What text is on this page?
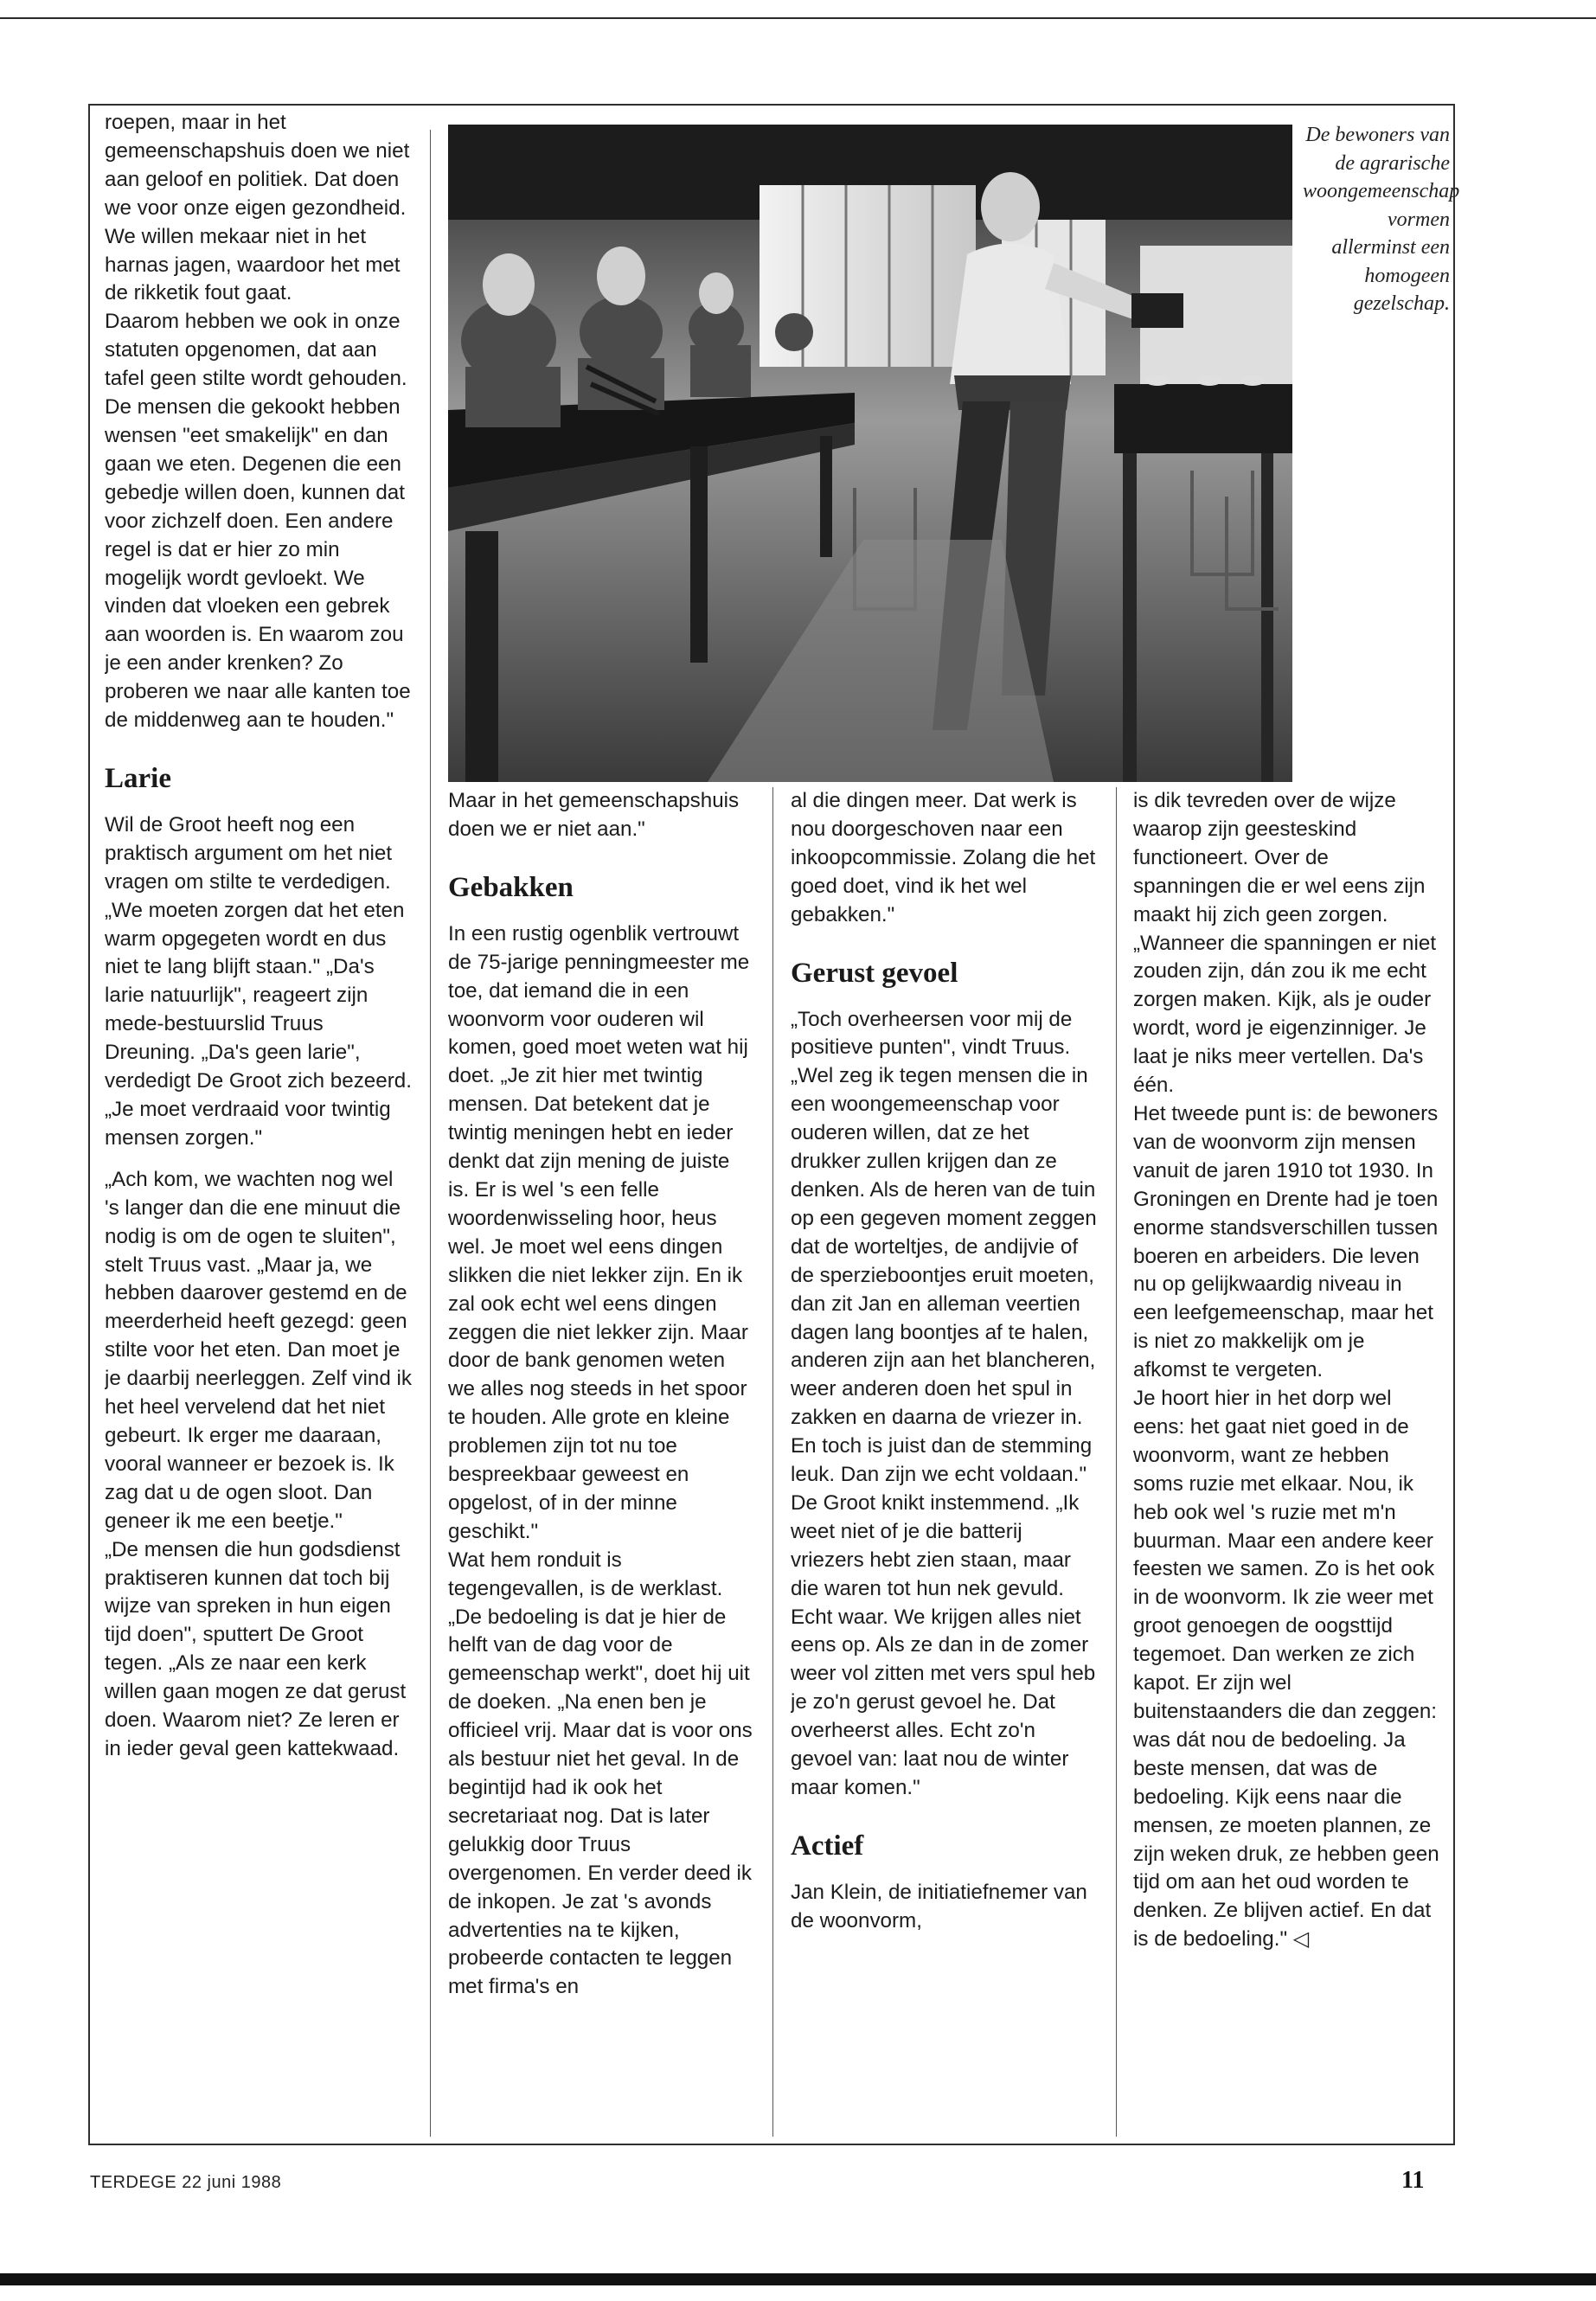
roepen, maar in het gemeenschapshuis doen we niet aan geloof en politiek. Dat doen we voor onze eigen gezondheid. We willen mekaar niet in het harnas jagen, waardoor het met de rikketik fout gaat.

Daarom hebben we ook in onze statuten opgenomen, dat aan tafel geen stilte wordt gehouden. De mensen die gekookt hebben wensen "eet smakelijk" en dan gaan we eten. Degenen die een gebedje willen doen, kunnen dat voor zichzelf doen. Een andere regel is dat er hier zo min mogelijk wordt gevloekt. We vinden dat vloeken een gebrek aan woorden is. En waarom zou je een ander krenken? Zo proberen we naar alle kanten toe de middenweg aan te houden."

Larie

Wil de Groot heeft nog een praktisch argument om het niet vragen om stilte te verdedigen. „We moeten zorgen dat het eten warm opgegeten wordt en dus niet te lang blijft staan." „Da's larie natuurlijk", reageert zijn mede-bestuurslid Truus Dreuning. „Da's geen larie", verdedigt De Groot zich bezeerd. „Je moet verdraaid voor twintig mensen zorgen."

„Ach kom, we wachten nog wel 's langer dan die ene minuut die nodig is om de ogen te sluiten", stelt Truus vast. „Maar ja, we hebben daarover gestemd en de meerderheid heeft gezegd: geen stilte voor het eten. Dan moet je je daarbij neerleggen. Zelf vind ik het heel vervelend dat het niet gebeurt. Ik erger me daaraan, vooral wanneer er bezoek is. Ik zag dat u de ogen sloot. Dan geneer ik me een beetje."

„De mensen die hun godsdienst praktiseren kunnen dat toch bij wijze van spreken in hun eigen tijd doen", sputtert De Groot tegen. „Als ze naar een kerk willen gaan mogen ze dat gerust doen. Waarom niet? Ze leren er in ieder geval geen kattekwaad.

De bewoners van de agrarische woongemeenschap vormen allerminst een homogeen gezelschap.

Maar in het gemeenschapshuis doen we er niet aan."

Gebakken

In een rustig ogenblik vertrouwt de 75-jarige penningmeester me toe, dat iemand die in een woonvorm voor ouderen wil komen, goed moet weten wat hij doet. „Je zit hier met twintig mensen. Dat betekent dat je twintig meningen hebt en ieder denkt dat zijn mening de juiste is. Er is wel 's een felle woordenwisseling hoor, heus wel. Je moet wel eens dingen slikken die niet lekker zijn. En ik zal ook echt wel eens dingen zeggen die niet lekker zijn. Maar door de bank genomen weten we alles nog steeds in het spoor te houden. Alle grote en kleine problemen zijn tot nu toe bespreekbaar geweest en opgelost, of in der minne geschikt."

Wat hem ronduit is tegengevallen, is de werklast. „De bedoeling is dat je hier de helft van de dag voor de gemeenschap werkt", doet hij uit de doeken. „Na enen ben je officieel vrij. Maar dat is voor ons als bestuur niet het geval. In de begintijd had ik ook het secretariaat nog. Dat is later gelukkig door Truus overgenomen. En verder deed ik de inkopen. Je zat 's avonds advertenties na te kijken, probeerde contacten te leggen met firma's en

al die dingen meer. Dat werk is nou doorgeschoven naar een inkoopcommissie. Zolang die het goed doet, vind ik het wel gebakken."

Gerust gevoel

„Toch overheersen voor mij de positieve punten", vindt Truus. „Wel zeg ik tegen mensen die in een woongemeenschap voor ouderen willen, dat ze het drukker zullen krijgen dan ze denken. Als de heren van de tuin op een gegeven moment zeggen dat de worteltjes, de andijvie of de sperzieboontjes eruit moeten, dan zit Jan en alleman veertien dagen lang boontjes af te halen, anderen zijn aan het blancheren, weer anderen doen het spul in zakken en daarna de vriezer in. En toch is juist dan de stemming leuk. Dan zijn we echt voldaan."

De Groot knikt instemmend. „Ik weet niet of je die batterij vriezers hebt zien staan, maar die waren tot hun nek gevuld. Echt waar. We krijgen alles niet eens op. Als ze dan in de zomer weer vol zitten met vers spul heb je zo'n gerust gevoel he. Dat overheerst alles. Echt zo'n gevoel van: laat nou de winter maar komen."

Actief

Jan Klein, de initiatiefnemer van de woonvorm,

is dik tevreden over de wijze waarop zijn geesteskind functioneert. Over de spanningen die er wel eens zijn maakt hij zich geen zorgen. „Wanneer die spanningen er niet zouden zijn, dán zou ik me echt zorgen maken. Kijk, als je ouder wordt, word je eigenzinniger. Je laat je niks meer vertellen. Da's één.

Het tweede punt is: de bewoners van de woonvorm zijn mensen vanuit de jaren 1910 tot 1930. In Groningen en Drente had je toen enorme standsverschillen tussen boeren en arbeiders. Die leven nu op gelijkwaardig niveau in een leefgemeenschap, maar het is niet zo makkelijk om je afkomst te vergeten.

Je hoort hier in het dorp wel eens: het gaat niet goed in de woonvorm, want ze hebben soms ruzie met elkaar. Nou, ik heb ook wel 's ruzie met m'n buurman. Maar een andere keer feesten we samen. Zo is het ook in de woonvorm. Ik zie weer met groot genoegen de oogsttijd tegemoet. Dan werken ze zich kapot. Er zijn wel buitenstaanders die dan zeggen: was dát nou de bedoeling. Ja beste mensen, dat was de bedoeling. Kijk eens naar die mensen, ze moeten plannen, ze zijn weken druk, ze hebben geen tijd om aan het oud worden te denken. Ze blijven actief. En dat is de bedoeling." ◁

TERDEGE 22 juni 1988	11
